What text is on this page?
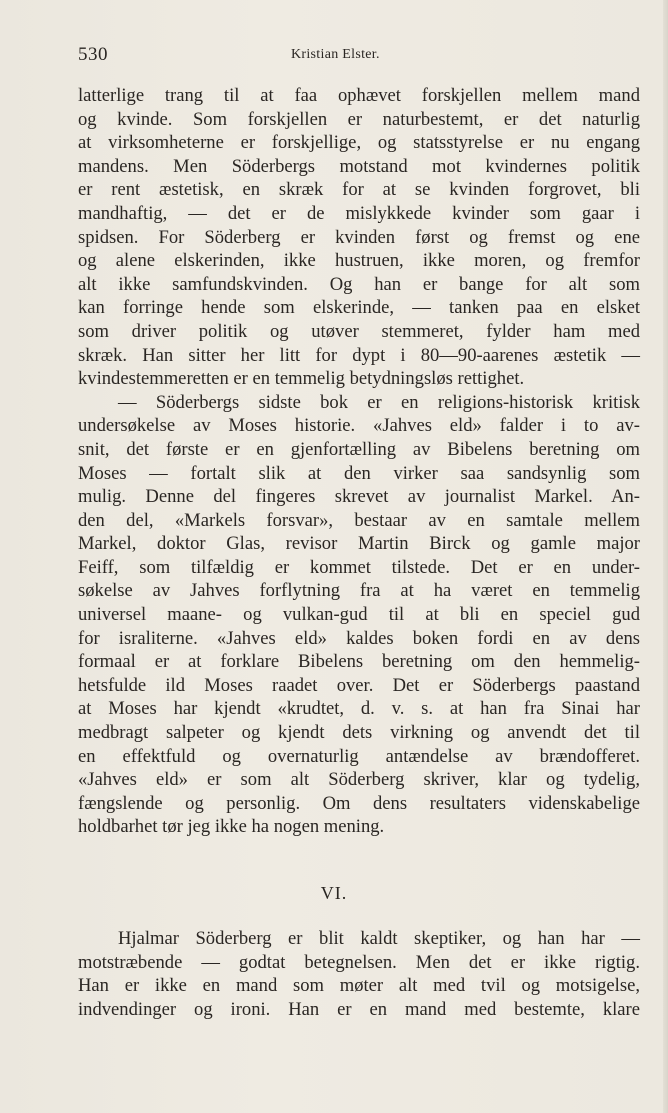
530	Kristian Elster.
latterlige trang til at faa ophævet forskjellen mellem mand
og kvinde. Som forskjellen er naturbestemt, er det naturlig
at virksomheterne er forskjellige, og statsstyrelse er nu engang
mandens. Men Söderbergs motstand mot kvindernes politik
er rent æstetisk, en skræk for at se kvinden forgrovet, bli
mandhaftig, — det er de mislykkede kvinder som gaar i
spidsen. For Söderberg er kvinden først og fremst og ene
og alene elskerinden, ikke hustruen, ikke moren, og fremfor
alt ikke samfundskvinden. Og han er bange for alt som
kan forringe hende som elskerinde, — tanken paa en elsket
som driver politik og utøver stemmeret, fylder ham med
skræk. Han sitter her litt for dypt i 80—90-aarenes æstetik —
kvindestemmeretten er en temmelig betydningsløs rettighet.
— Söderbergs sidste bok er en religions-historisk kritisk
undersøkelse av Moses historie. «Jahves eld» falder i to av-
snit, det første er en gjenfortælling av Bibelens beretning om
Moses — fortalt slik at den virker saa sandsynlig som
mulig. Denne del fingeres skrevet av journalist Markel. An-
den del, «Markels forsvar», bestaar av en samtale mellem
Markel, doktor Glas, revisor Martin Birck og gamle major
Feiff, som tilfældig er kommet tilstede. Det er en under-
søkelse av Jahves forflytning fra at ha været en temmelig
universel maane- og vulkan-gud til at bli en speciel gud
for israliterne. «Jahves eld» kaldes boken fordi en av dens
formaal er at forklare Bibelens beretning om den hemmelig-
hetsfulde ild Moses raadet over. Det er Söderbergs paastand
at Moses har kjendt «krudtet, d. v. s. at han fra Sinai har
medbragt salpeter og kjendt dets virkning og anvendt det til
en effektfuld og overnaturlig antændelse av brændofferet.
«Jahves eld» er som alt Söderberg skriver, klar og tydelig,
fængslende og personlig. Om dens resultaters videnskabelige
holdbarhet tør jeg ikke ha nogen mening.
VI.
Hjalmar Söderberg er blit kaldt skeptiker, og han har —
motstræbende — godtat betegnelsen. Men det er ikke rigtig.
Han er ikke en mand som møter alt med tvil og motsigelse,
indvendinger og ironi. Han er en mand med bestemte, klare
